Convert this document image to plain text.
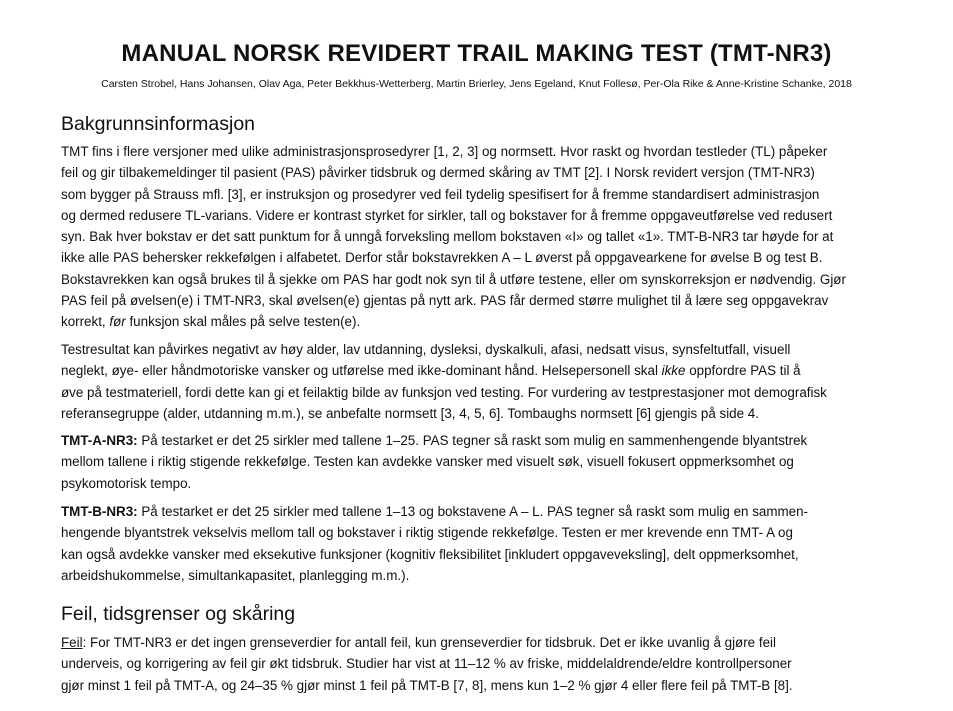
MANUAL NORSK REVIDERT TRAIL MAKING TEST (TMT-NR3)

Carsten Strobel, Hans Johansen, Olav Aga, Peter Bekkhus-Wetterberg, Martin Brierley, Jens Egeland, Knut Follesø, Per-Ola Rike & Anne-Kristine Schanke, 2018

Bakgrunnsinformasjon
TMT fins i flere versjoner med ulike administrasjonsprosedyrer [1, 2, 3] og normsett. Hvor raskt og hvordan testleder (TL) påpeker
feil og gir tilbakemeldinger til pasient (PAS) påvirker tidsbruk og dermed skåring av TMT [2]. I Norsk revidert versjon (TMT-NR3)
som bygger på Strauss mfl. [3], er instruksjon og prosedyrer ved feil tydelig spesifisert for å fremme standardisert administrasjon
og dermed redusere TL-varians. Videre er kontrast styrket for sirkler, tall og bokstaver for å fremme oppgaveutførelse ved redusert
syn. Bak hver bokstav er det satt punktum for å unngå forveksling mellom bokstaven «I» og tallet «1». TMT-B-NR3 tar høyde for at
ikke alle PAS behersker rekkefølgen i alfabetet. Derfor står bokstavrekken A – L øverst på oppgavearkene for øvelse B og test B.
Bokstavrekken kan også brukes til å sjekke om PAS har godt nok syn til å utføre testene, eller om synskorreksjon er nødvendig. Gjør
PAS feil på øvelsen(e) i TMT-NR3, skal øvelsen(e) gjentas på nytt ark. PAS får dermed større mulighet til å lære seg oppgavekrav
korrekt, før funksjon skal måles på selve testen(e).
Testresultat kan påvirkes negativt av høy alder, lav utdanning, dysleksi, dyskalkuli, afasi, nedsatt visus, synsfeltutfall, visuell
neglekt, øye- eller håndmotoriske vansker og utførelse med ikke-dominant hånd. Helsepersonell skal ikke oppfordre PAS til å
øve på testmateriell, fordi dette kan gi et feilaktig bilde av funksjon ved testing. For vurdering av testprestasjoner mot demografisk
referansegruppe (alder, utdanning m.m.), se anbefalte normsett [3, 4, 5, 6]. Tombaughs normsett [6] gjengis på side 4.
TMT-A-NR3: På testarket er det 25 sirkler med tallene 1–25. PAS tegner så raskt som mulig en sammenhengende blyantstrek
mellom tallene i riktig stigende rekkefølge. Testen kan avdekke vansker med visuelt søk, visuell fokusert oppmerksomhet og
psykomotorisk tempo.
TMT-B-NR3: På testarket er det 25 sirkler med tallene 1–13 og bokstavene A – L. PAS tegner så raskt som mulig en sammen-
hengende blyantstrek vekselvis mellom tall og bokstaver i riktig stigende rekkefølge. Testen er mer krevende enn TMT- A og
kan også avdekke vansker med eksekutive funksjoner (kognitiv fleksibilitet [inkludert oppgaveveksling], delt oppmerksomhet,
arbeidshukommelse, simultankapasitet, planlegging m.m.).
Feil, tidsgrenser og skåring
Feil: For TMT-NR3 er det ingen grenseverdier for antall feil, kun grenseverdier for tidsbruk. Det er ikke uvanlig å gjøre feil
underveis, og korrigering av feil gir økt tidsbruk. Studier har vist at 11–12 % av friske, middelaldrende/eldre kontrollpersoner
gjør minst 1 feil på TMT-A, og 24–35 % gjør minst 1 feil på TMT-B [7, 8], mens kun 1–2 % gjør 4 eller flere feil på TMT-B [8].
